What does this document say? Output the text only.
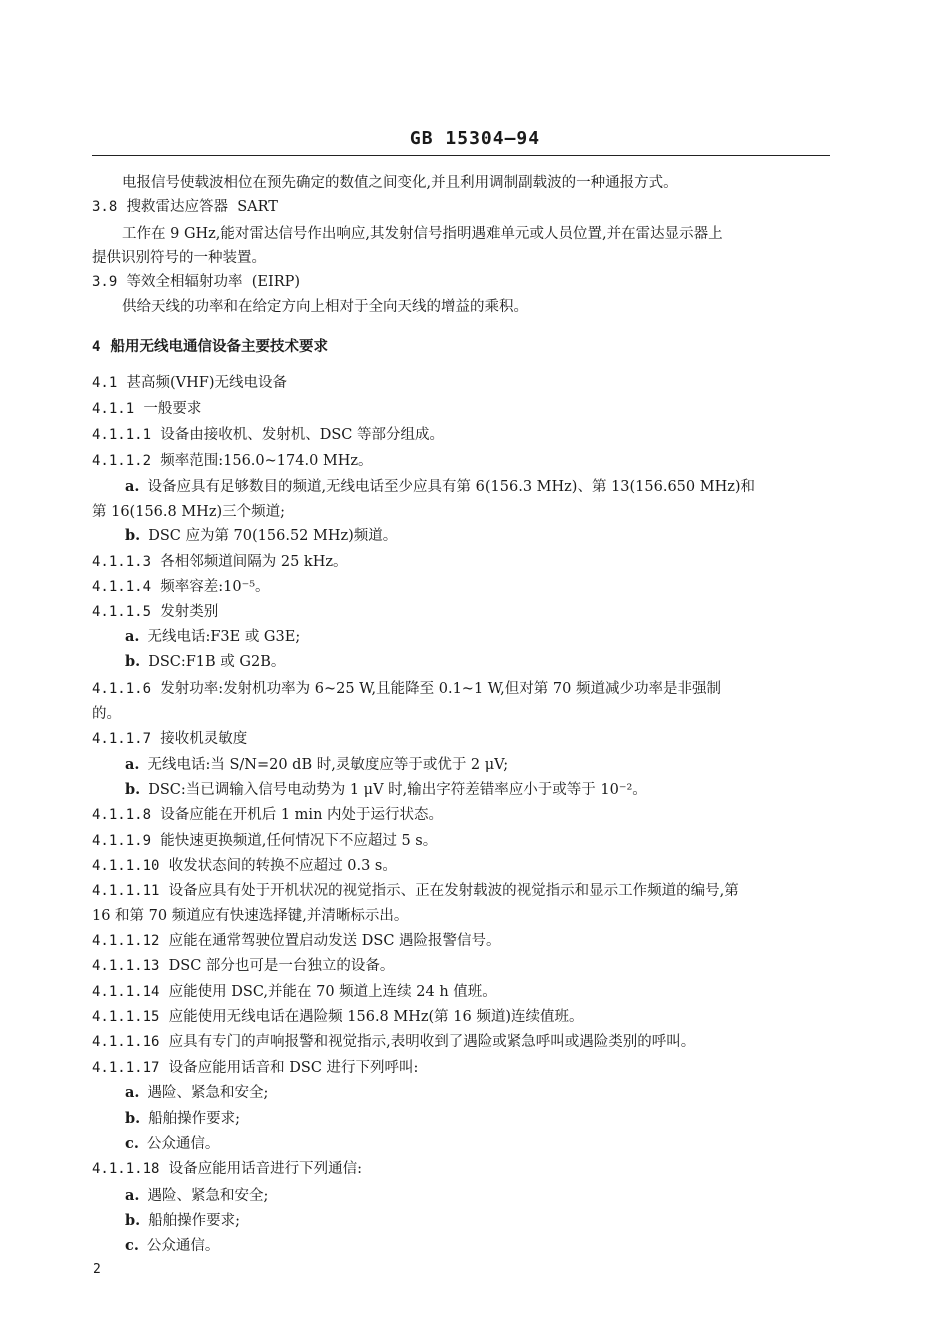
GB 15304—94
电报信号使载波相位在预先确定的数值之间变化,并且利用调制副载波的一种通报方式。
3.8  搜救雷达应答器  SART
工作在 9 GHz,能对雷达信号作出响应,其发射信号指明遇难单元或人员位置,并在雷达显示器上
提供识别符号的一种装置。
3.9  等效全相辐射功率  (EIRP)
供给天线的功率和在给定方向上相对于全向天线的增益的乘积。
4  船用无线电通信设备主要技术要求
4.1  甚高频(VHF)无线电设备
4.1.1  一般要求
4.1.1.1  设备由接收机、发射机、DSC 等部分组成。
4.1.1.2  频率范围:156.0~174.0 MHz。
a. 设备应具有足够数目的频道,无线电话至少应具有第 6(156.3 MHz)、第 13(156.650 MHz)和
第 16(156.8 MHz)三个频道;
b. DSC 应为第 70(156.52 MHz)频道。
4.1.1.3  各相邻频道间隔为 25 kHz。
4.1.1.4  频率容差:10⁻⁵。
4.1.1.5  发射类别
a. 无线电话:F3E 或 G3E;
b. DSC:F1B 或 G2B。
4.1.1.6  发射功率:发射机功率为 6~25 W,且能降至 0.1~1 W,但对第 70 频道减少功率是非强制
的。
4.1.1.7  接收机灵敏度
a. 无线电话:当 S/N=20 dB 时,灵敏度应等于或优于 2 μV;
b. DSC:当已调输入信号电动势为 1 μV 时,输出字符差错率应小于或等于 10⁻²。
4.1.1.8  设备应能在开机后 1 min 内处于运行状态。
4.1.1.9  能快速更换频道,任何情况下不应超过 5 s。
4.1.1.10  收发状态间的转换不应超过 0.3 s。
4.1.1.11  设备应具有处于开机状况的视觉指示、正在发射载波的视觉指示和显示工作频道的编号,第
16 和第 70 频道应有快速选择键,并清晰标示出。
4.1.1.12  应能在通常驾驶位置启动发送 DSC 遇险报警信号。
4.1.1.13  DSC 部分也可是一台独立的设备。
4.1.1.14  应能使用 DSC,并能在 70 频道上连续 24 h 值班。
4.1.1.15  应能使用无线电话在遇险频 156.8 MHz(第 16 频道)连续值班。
4.1.1.16  应具有专门的声响报警和视觉指示,表明收到了遇险或紧急呼叫或遇险类别的呼叫。
4.1.1.17  设备应能用话音和 DSC 进行下列呼叫:
a. 遇险、紧急和安全;
b. 船舶操作要求;
c. 公众通信。
4.1.1.18  设备应能用话音进行下列通信:
a. 遇险、紧急和安全;
b. 船舶操作要求;
c. 公众通信。
2
